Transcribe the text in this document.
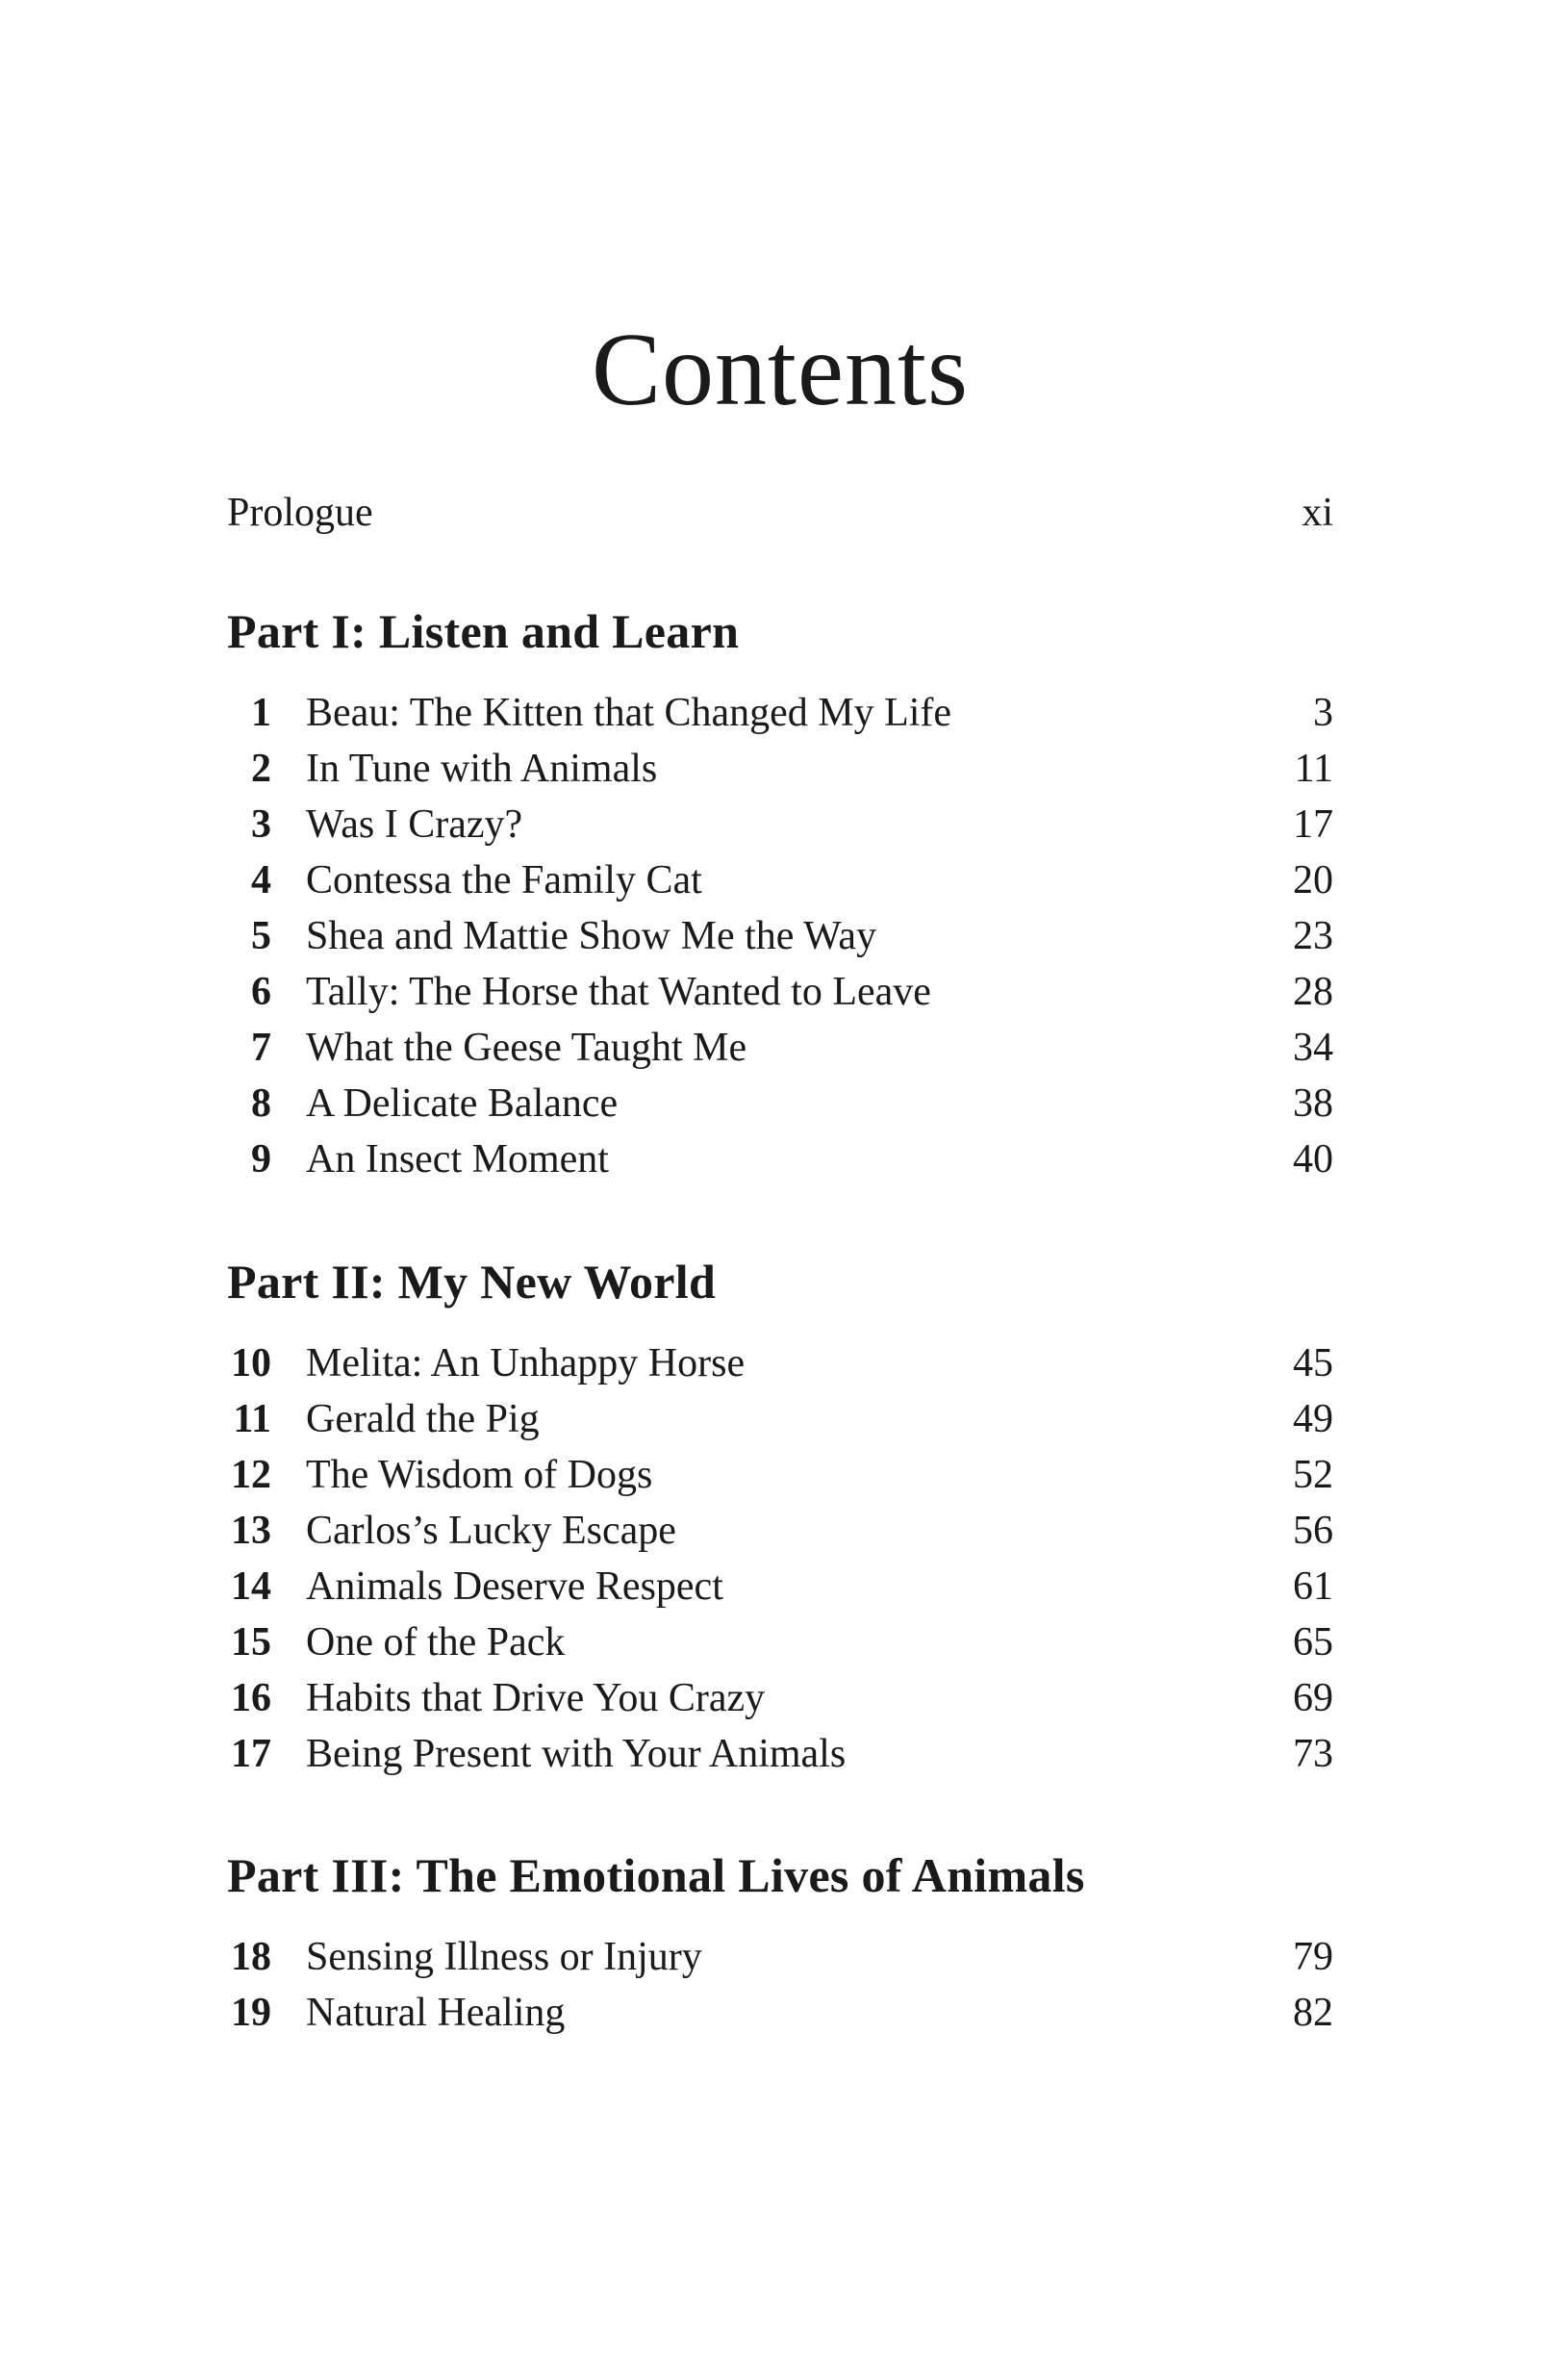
Contents
Prologue	xi
Part I: Listen and Learn
1 Beau: The Kitten that Changed My Life	3
2 In Tune with Animals	11
3 Was I Crazy?	17
4 Contessa the Family Cat	20
5 Shea and Mattie Show Me the Way	23
6 Tally: The Horse that Wanted to Leave	28
7 What the Geese Taught Me	34
8 A Delicate Balance	38
9 An Insect Moment	40
Part II: My New World
10 Melita: An Unhappy Horse	45
11 Gerald the Pig	49
12 The Wisdom of Dogs	52
13 Carlos’s Lucky Escape	56
14 Animals Deserve Respect	61
15 One of the Pack	65
16 Habits that Drive You Crazy	69
17 Being Present with Your Animals	73
Part III: The Emotional Lives of Animals
18 Sensing Illness or Injury	79
19 Natural Healing	82
